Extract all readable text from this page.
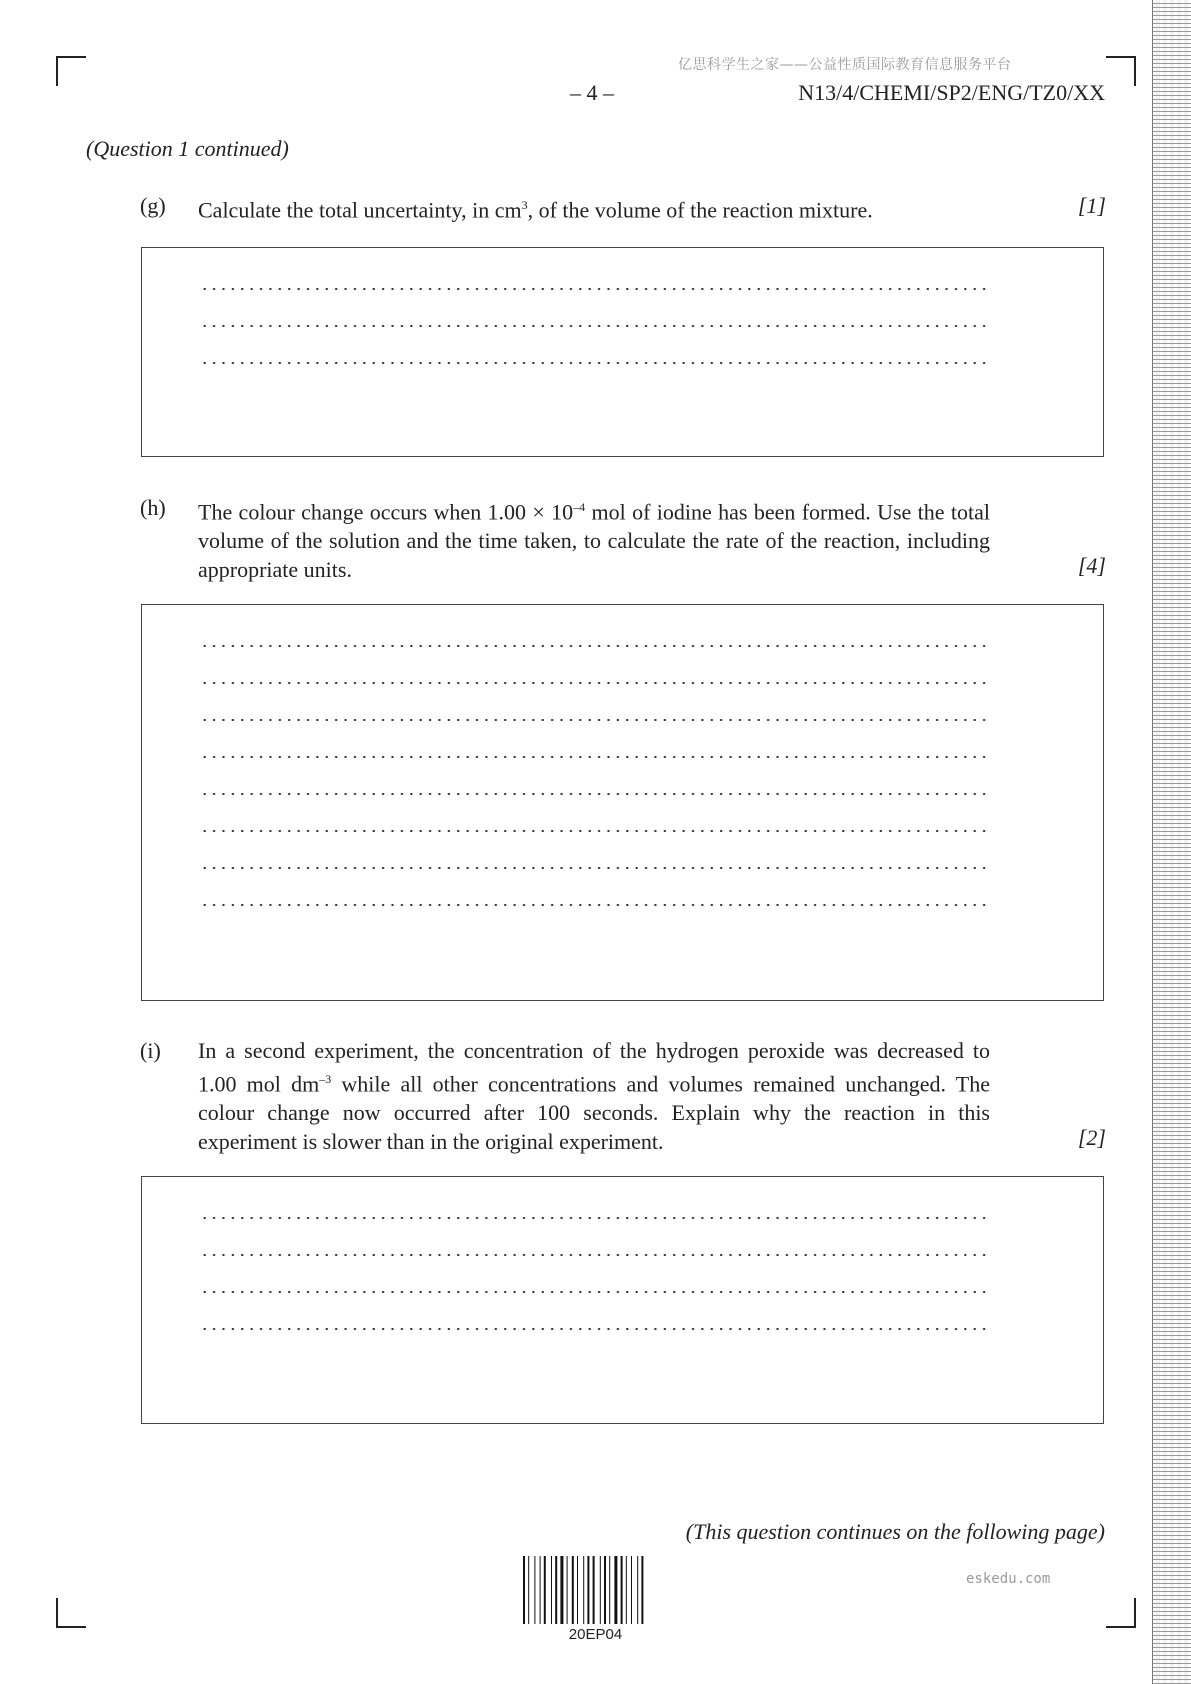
亿思科学生之家——公益性质国际教育信息服务平台
– 4 –	N13/4/CHEMI/SP2/ENG/TZ0/XX
(Question 1 continued)
(g) Calculate the total uncertainty, in $cm^3$, of the volume of the reaction mixture.	[1]
(h) The colour change occurs when $1.00 \times 10^{-4}$ mol of iodine has been formed. Use the total volume of the solution and the time taken, to calculate the rate of the reaction, including appropriate units.	[4]
(i) In a second experiment, the concentration of the hydrogen peroxide was decreased to 1.00 mol $dm^{-3}$ while all other concentrations and volumes remained unchanged. The colour change now occurred after 100 seconds. Explain why the reaction in this experiment is slower than in the original experiment.	[2]
(This question continues on the following page)
20EP04
eskedu.com
